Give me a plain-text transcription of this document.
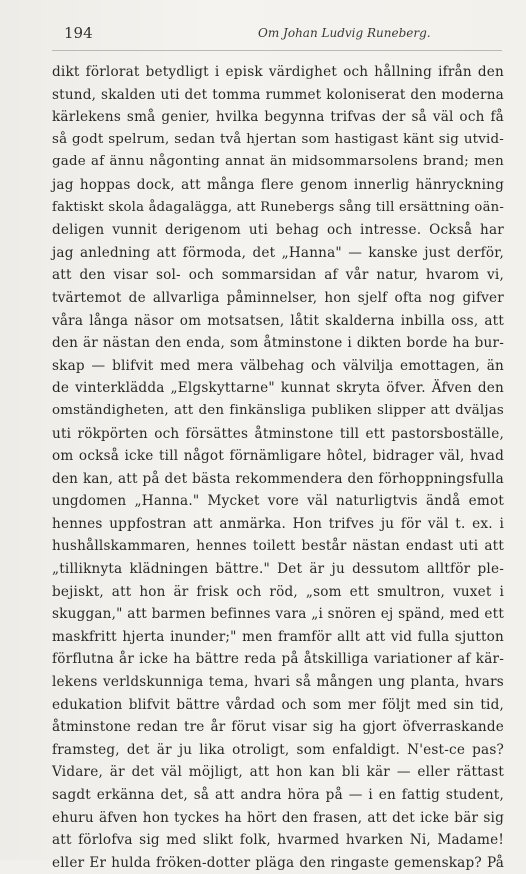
194	Om Johan Ludvig Runeberg.
dikt förlorat betydligt i episk värdighet och hållning ifrån den
stund, skalden uti det tomma rummet koloniserat den moderna
kärlekens små genier, hvilka begynna trifvas der så väl och få
så godt spelrum, sedan två hjertan som hastigast känt sig utvid-
gade af ännu någonting annat än midsommarsolens brand; men
jag hoppas dock, att många flere genom innerlig hänryckning
faktiskt skola ådagalägga, att Runebergs sång till ersättning oän-
deligen vunnit derigenom uti behag och intresse. Också har
jag anledning att förmoda, det „Hanna" — kanske just derför,
att den visar sol- och sommarsidan af vår natur, hvarom vi,
tvärtemot de allvarliga påminnelser, hon sjelf ofta nog gifver
våra långa näsor om motsatsen, låtit skalderna inbilla oss, att
den är nästan den enda, som åtminstone i dikten borde ha bur-
skap — blifvit med mera välbehag och välvilja emottagen, än
de vinterklädda „Elgskyttarne" kunnat skryta öfver. Äfven den
omständigheten, att den finkänsliga publiken slipper att dväljas
uti rökpörten och försättes åtminstone till ett pastorsboställe,
om också icke till något förnämligare hôtel, bidrager väl, hvad
den kan, att på det bästa rekommendera den förhoppningsfulla
ungdomen „Hanna." Mycket vore väl naturligtvis ändå emot
hennes uppfostran att anmärka. Hon trifves ju för väl t. ex. i
hushållskammaren, hennes toilett består nästan endast uti att
„tilliknyta klädningen bättre." Det är ju dessutom alltför ple-
bejiskt, att hon är frisk och röd, „som ett smultron, vuxet i
skuggan," att barmen befinnes vara „i snören ej spänd, med ett
maskfritt hjerta inunder;" men framför allt att vid fulla sjutton
förflutna år icke ha bättre reda på åtskilliga variationer af kär-
lekens verldskunniga tema, hvari så mången ung planta, hvars
edukation blifvit bättre vårdad och som mer följt med sin tid,
åtminstone redan tre år förut visar sig ha gjort öfverraskande
framsteg, det är ju lika otroligt, som enfaldigt. N'est-ce pas?
Vidare, är det väl möjligt, att hon kan bli kär — eller rättast
sagdt erkänna det, så att andra höra på — i en fattig student,
ehuru äfven hon tyckes ha hört den frasen, att det icke bär sig
att förlofva sig med slikt folk, hvarmed hvarken Ni, Madame!
eller Er hulda fröken-dotter pläga den ringaste gemenskap? På
